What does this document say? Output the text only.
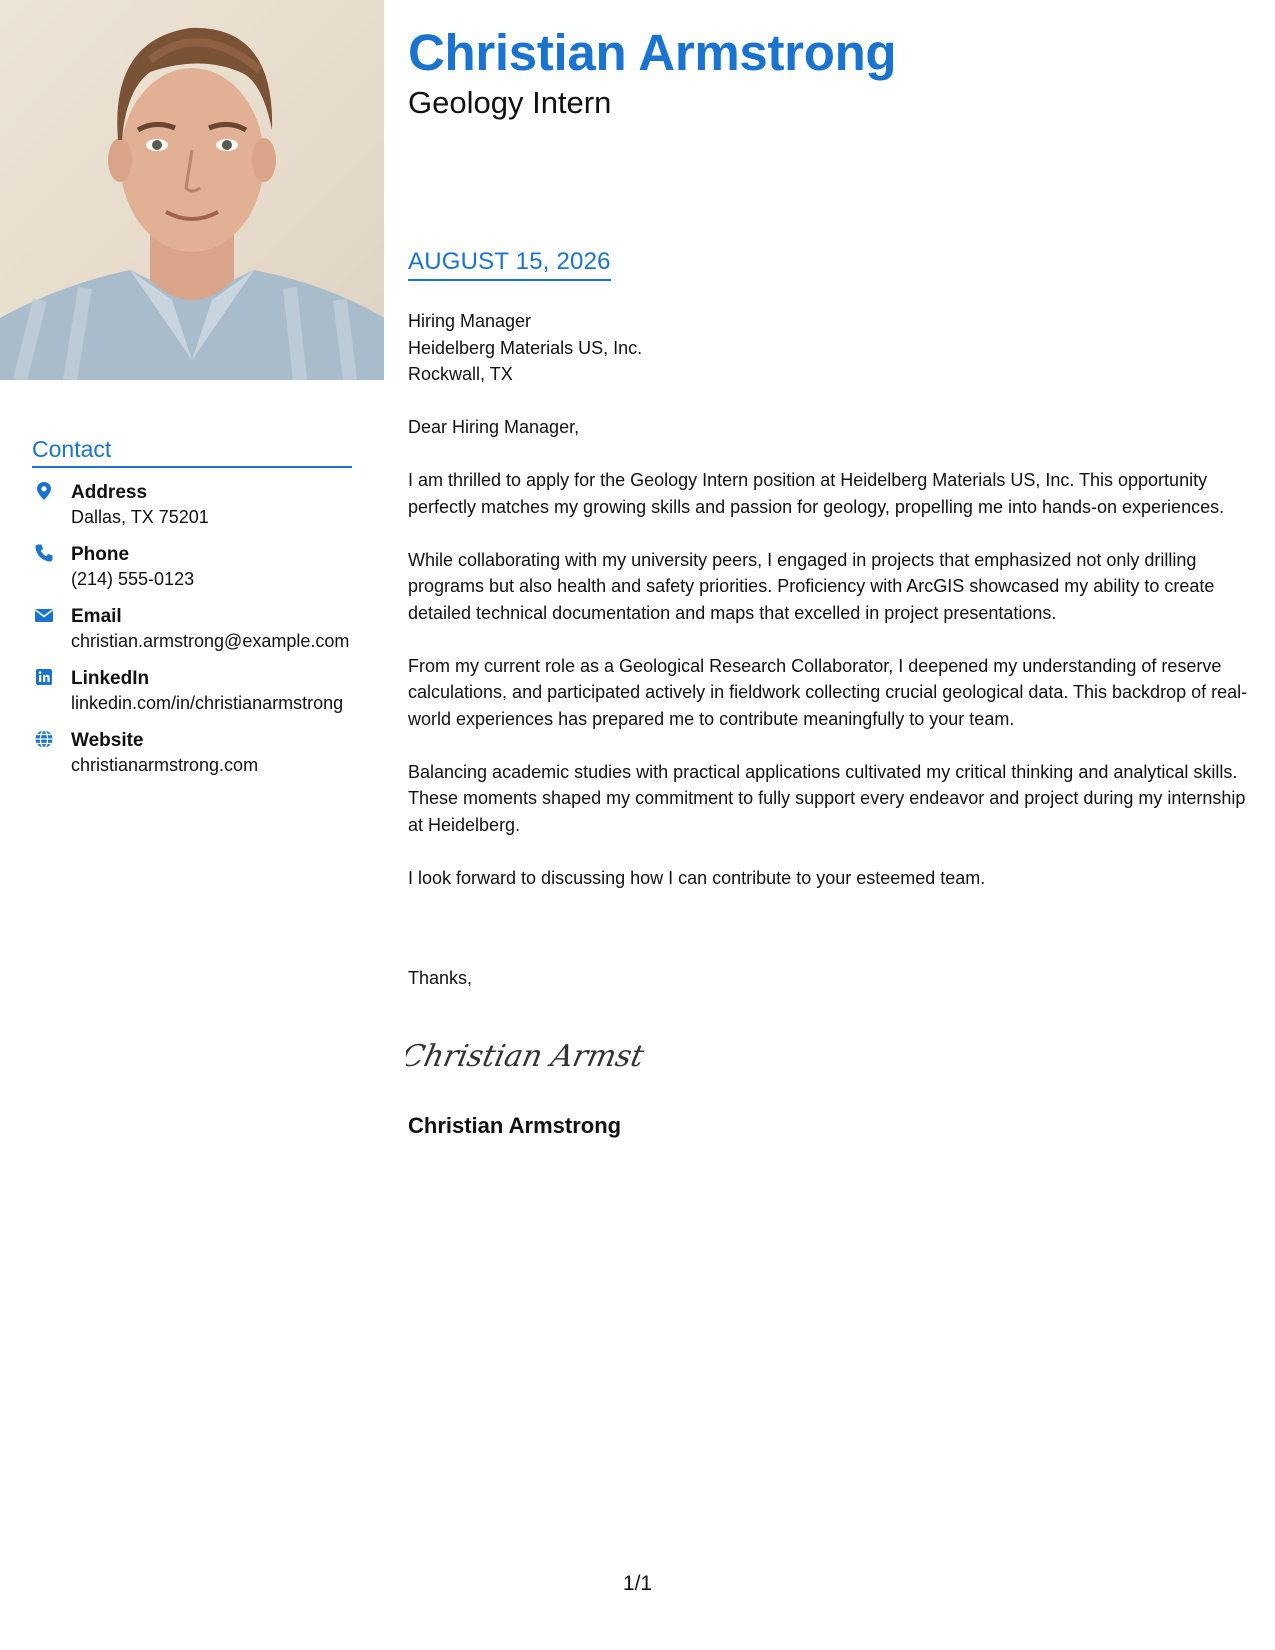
Contact
Address
Dallas, TX 75201
Phone
(214) 555-0123
Email
christian.armstrong@example.com
LinkedIn
linkedin.com/in/christianarmstrong
Website
christianarmstrong.com
Christian Armstrong
Geology Intern
AUGUST 15, 2026
Hiring Manager
Heidelberg Materials US, Inc.
Rockwall, TX

Dear Hiring Manager,

I am thrilled to apply for the Geology Intern position at Heidelberg Materials US, Inc. This opportunity perfectly matches my growing skills and passion for geology, propelling me into hands-on experiences.

While collaborating with my university peers, I engaged in projects that emphasized not only drilling programs but also health and safety priorities. Proficiency with ArcGIS showcased my ability to create detailed technical documentation and maps that excelled in project presentations.

From my current role as a Geological Research Collaborator, I deepened my understanding of reserve calculations, and participated actively in fieldwork collecting crucial geological data. This backdrop of real-world experiences has prepared me to contribute meaningfully to your team.

Balancing academic studies with practical applications cultivated my critical thinking and analytical skills. These moments shaped my commitment to fully support every endeavor and project during my internship at Heidelberg.

I look forward to discussing how I can contribute to your esteemed team.

Thanks,
Christian Armst
Christian Armstrong
1/1
